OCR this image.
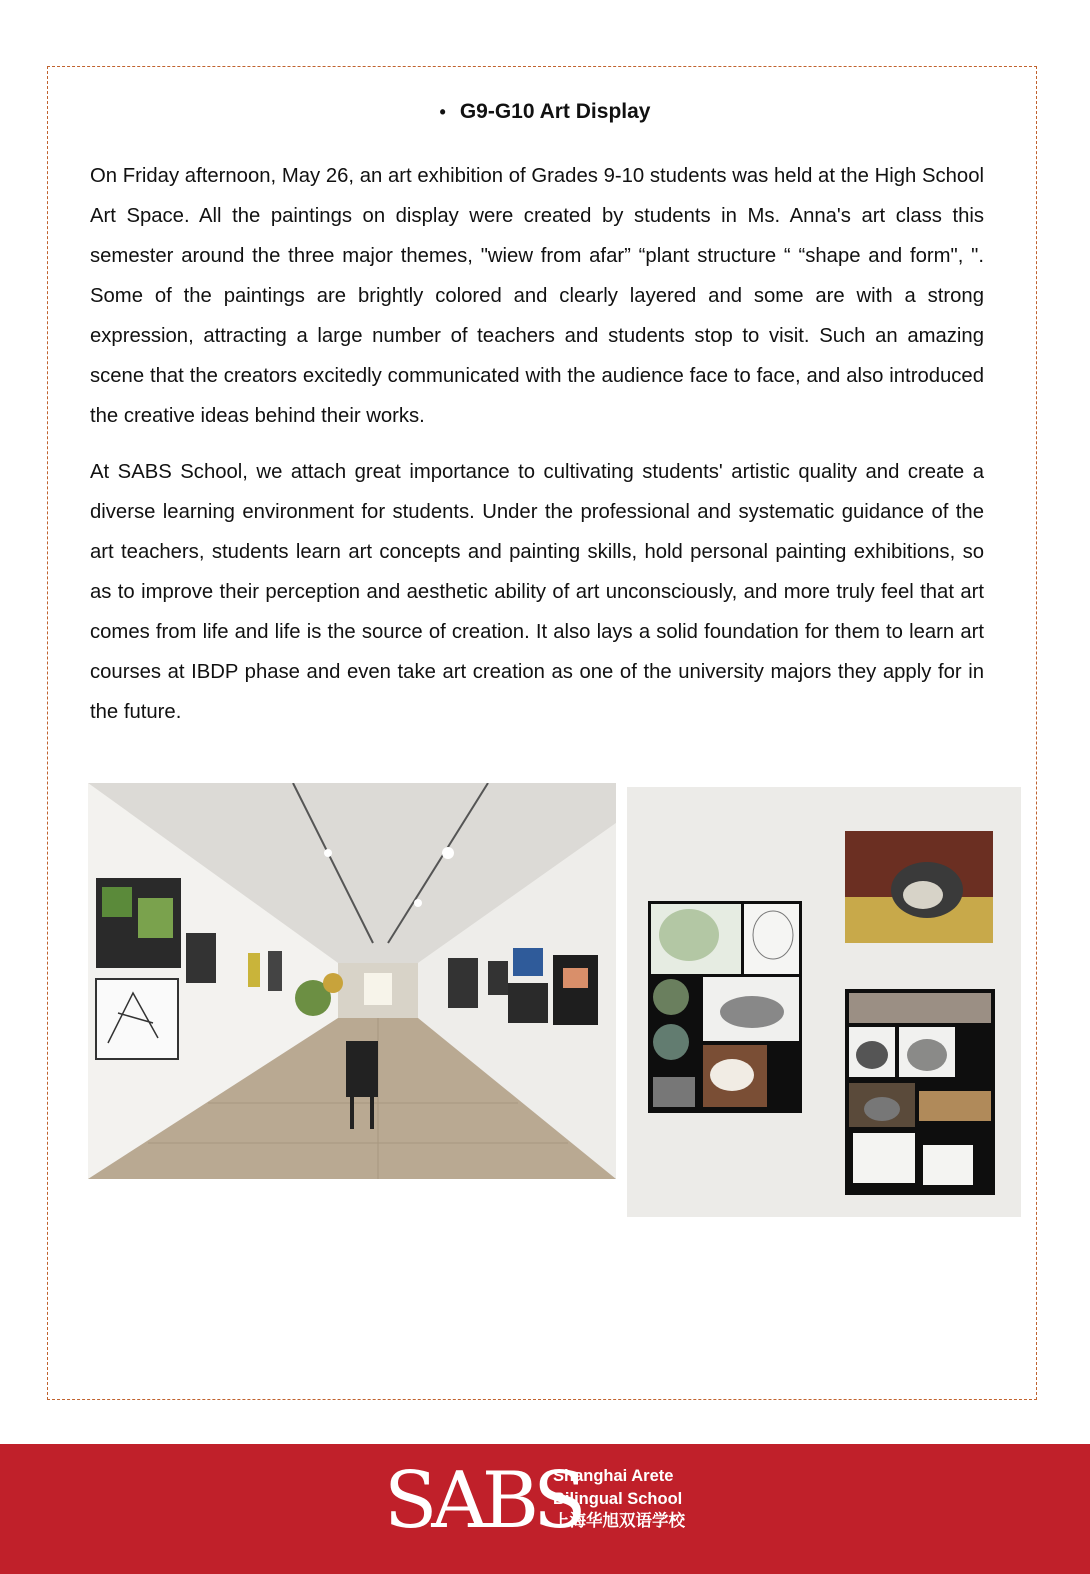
• G9-G10 Art Display

On Friday afternoon, May 26, an art exhibition of Grades 9-10 students was held at the High School Art Space. All the paintings on display were created by students in Ms. Anna's art class this semester around the three major themes, "wiew from afar” “plant structure “ “shape and form", ". Some of the paintings are brightly colored and clearly layered and some are with a strong expression, attracting a large number of teachers and students stop to visit. Such an amazing scene that the creators excitedly communicated with the audience face to face, and also introduced the creative ideas behind their works.

At SABS School, we attach great importance to cultivating students' artistic quality and create a diverse learning environment for students. Under the professional and systematic guidance of the art teachers, students learn art concepts and painting skills, hold personal painting exhibitions, so as to improve their perception and aesthetic ability of art unconsciously, and more truly feel that art comes from life and life is the source of creation. It also lays a solid foundation for them to learn art courses at IBDP phase and even take art creation as one of the university majors they apply for in the future.

SABS
Shanghai Arete
Bilingual School
上海华旭双语学校
